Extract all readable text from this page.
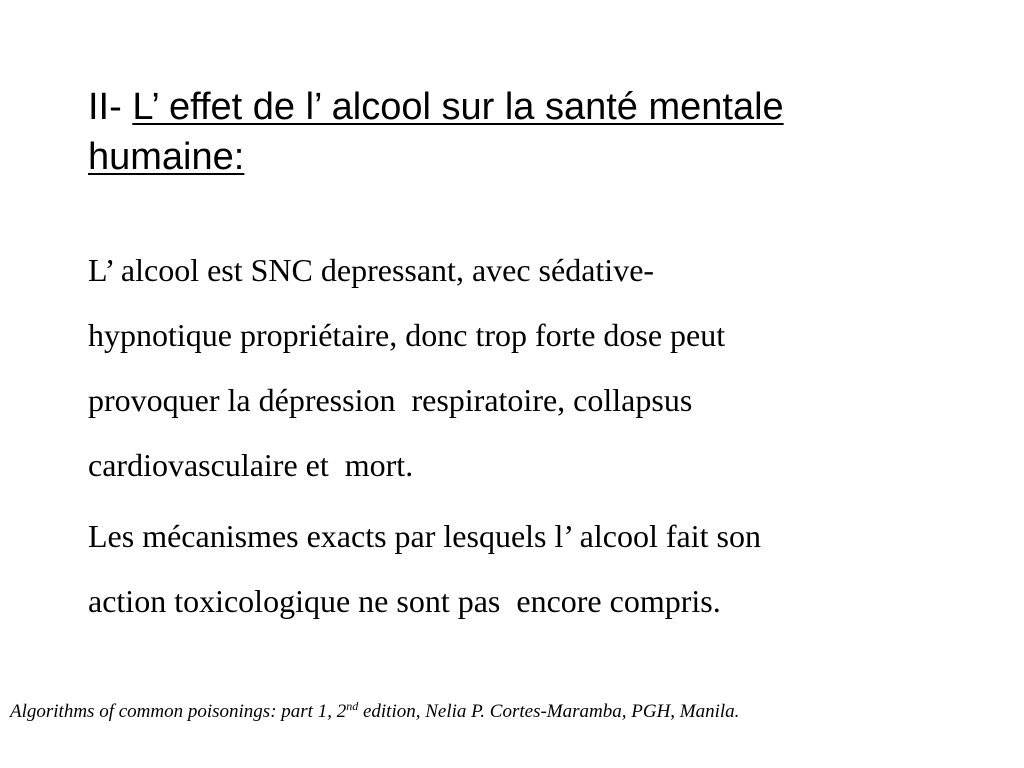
II- L’ effet de l’ alcool sur la santé mentale
humaine:

L’ alcool est SNC depressant, avec sédative-
hypnotique propriétaire, donc trop forte dose peut
provoquer la dépression  respiratoire, collapsus
cardiovasculaire et  mort.

Les mécanismes exacts par lesquels l’ alcool fait son
action toxicologique ne sont pas  encore compris.

Algorithms of common poisonings: part 1, 2nd edition, Nelia P. Cortes-Maramba, PGH, Manila.
